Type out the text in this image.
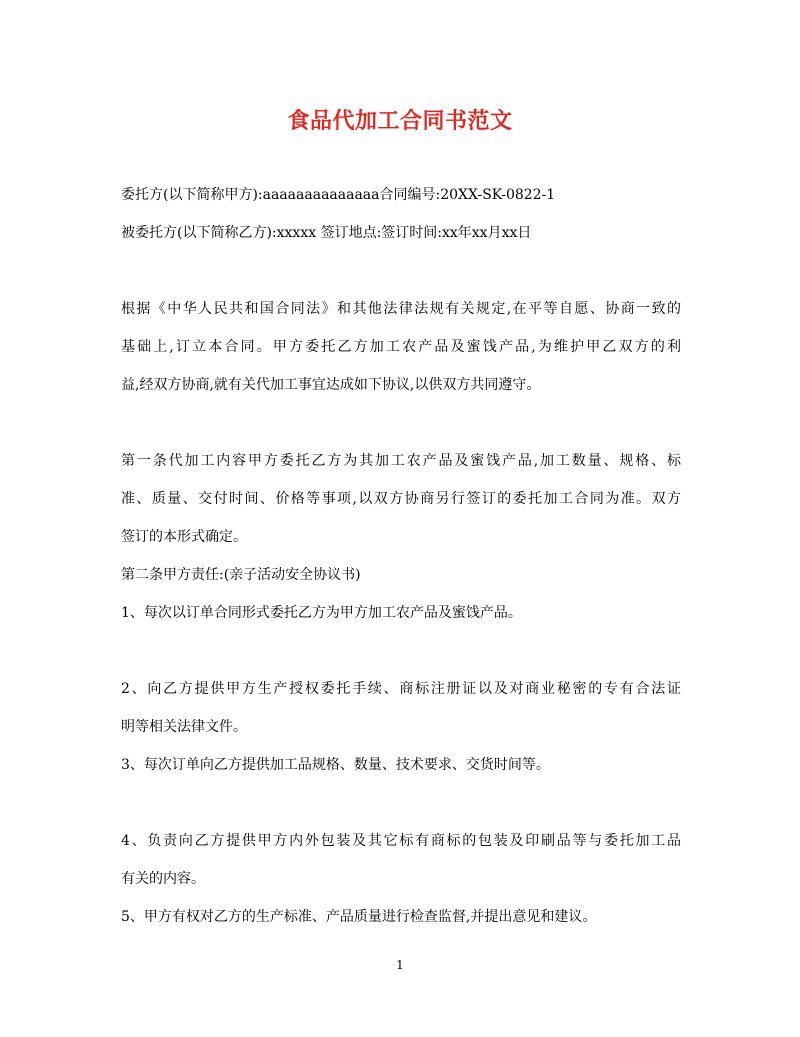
食品代加工合同书范文
委托方(以下简称甲方):aaaaaaaaaaaaaa合同编号:20XX-SK-0822-1
被委托方(以下简称乙方):xxxxx 签订地点:签订时间:xx年xx月xx日
根据《中华人民共和国合同法》和其他法律法规有关规定,在平等自愿、协商一致的
基础上,订立本合同。甲方委托乙方加工农产品及蜜饯产品,为维护甲乙双方的利
益,经双方协商,就有关代加工事宜达成如下协议,以供双方共同遵守。
第一条代加工内容甲方委托乙方为其加工农产品及蜜饯产品,加工数量、规格、标
准、质量、交付时间、价格等事项,以双方协商另行签订的委托加工合同为准。双方
签订的本形式确定。
第二条甲方责任:(亲子活动安全协议书)
1、每次以订单合同形式委托乙方为甲方加工农产品及蜜饯产品。
2、向乙方提供甲方生产授权委托手续、商标注册证以及对商业秘密的专有合法证
明等相关法律文件。
3、每次订单向乙方提供加工品规格、数量、技术要求、交货时间等。
4、负责向乙方提供甲方内外包装及其它标有商标的包装及印刷品等与委托加工品
有关的内容。
5、甲方有权对乙方的生产标准、产品质量进行检查监督,并提出意见和建议。
1
